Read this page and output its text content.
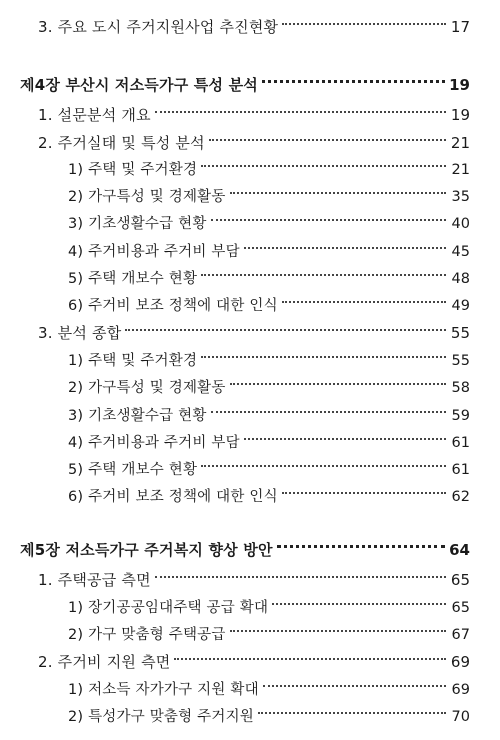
3. 주요 도시 주거지원사업 추진현황	17
제4장 부산시 저소득가구 특성 분석	19
1. 설문분석 개요	19
2. 주거실태 및 특성 분석	21
1) 주택 및 주거환경	21
2) 가구특성 및 경제활동	35
3) 기초생활수급 현황	40
4) 주거비용과 주거비 부담	45
5) 주택 개보수 현황	48
6) 주거비 보조 정책에 대한 인식	49
3. 분석 종합	55
1) 주택 및 주거환경	55
2) 가구특성 및 경제활동	58
3) 기초생활수급 현황	59
4) 주거비용과 주거비 부담	61
5) 주택 개보수 현황	61
6) 주거비 보조 정책에 대한 인식	62
제5장 저소득가구 주거복지 향상 방안	64
1. 주택공급 측면	65
1) 장기공공임대주택 공급 확대	65
2) 가구 맞춤형 주택공급	67
2. 주거비 지원 측면	69
1) 저소득 자가가구 지원 확대	69
2) 특성가구 맞춤형 주거지원	70
